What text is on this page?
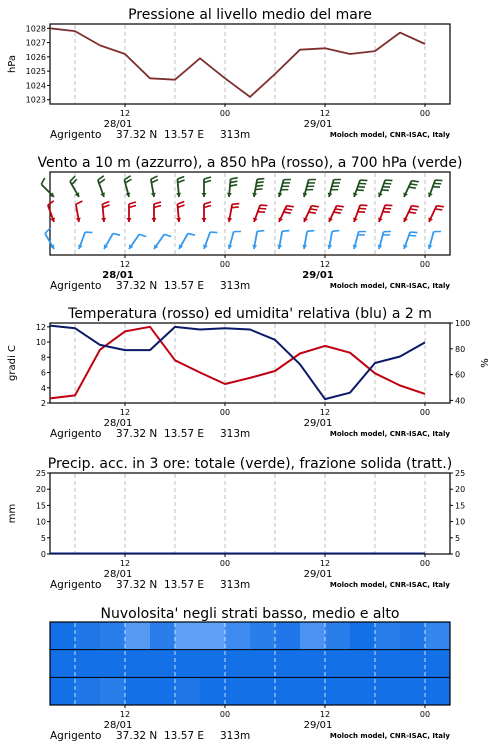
Pressione al livello medio del mare
1023
1024
1025
1026
1027
1028
hPa
12	00	12	00
28/01	29/01
Agrigento 37.32 N 13.57 E 313m	Moloch model, CNR-ISAC, Italy
Vento a 10 m (azzurro), a 850 hPa (rosso), a 700 hPa (verde)
12	00	12	00
28/01	29/01
Agrigento 37.32 N 13.57 E 313m	Moloch model, CNR-ISAC, Italy
Temperatura (rosso) ed umidita' relativa (blu) a 2 m
2
4
6
8
10
12
40
60
80
100
gradi C	%
12	00	12	00
28/01	29/01
Agrigento 37.32 N 13.57 E 313m	Moloch model, CNR-ISAC, Italy
Precip. acc. in 3 ore: totale (verde), frazione solida (tratt.)
0	0
5	5
10	10
15	15
20	20
25	25
mm
12	00	12	00
28/01	29/01
Agrigento 37.32 N 13.57 E 313m	Moloch model, CNR-ISAC, Italy
Nuvolosita' negli strati basso, medio e alto
12	00	12	00
28/01	29/01
Agrigento 37.32 N 13.57 E 313m	Moloch model, CNR-ISAC, Italy
